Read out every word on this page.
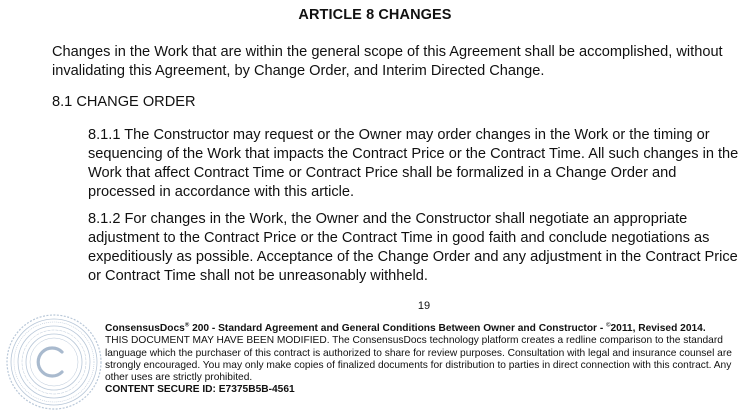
ARTICLE 8 CHANGES
Changes in the Work that are within the general scope of this Agreement shall be accomplished, without invalidating this Agreement, by Change Order, and Interim Directed Change.
8.1 CHANGE ORDER
8.1.1 The Constructor may request or the Owner may order changes in the Work or the timing or sequencing of the Work that impacts the Contract Price or the Contract Time. All such changes in the Work that affect Contract Time or Contract Price shall be formalized in a Change Order and processed in accordance with this article.
8.1.2 For changes in the Work, the Owner and the Constructor shall negotiate an appropriate adjustment to the Contract Price or the Contract Time in good faith and conclude negotiations as expeditiously as possible. Acceptance of the Change Order and any adjustment in the Contract Price or Contract Time shall not be unreasonably withheld.
19
ConsensusDocs® 200 - Standard Agreement and General Conditions Between Owner and Constructor - ©2011, Revised 2014.
THIS DOCUMENT MAY HAVE BEEN MODIFIED. The ConsensusDocs technology platform creates a redline comparison to the standard language which the purchaser of this contract is authorized to share for review purposes. Consultation with legal and insurance counsel are strongly encouraged. You may only make copies of finalized documents for distribution to parties in direct connection with this contract. Any other uses are strictly prohibited.
CONTENT SECURE ID: E7375B5B-4561
